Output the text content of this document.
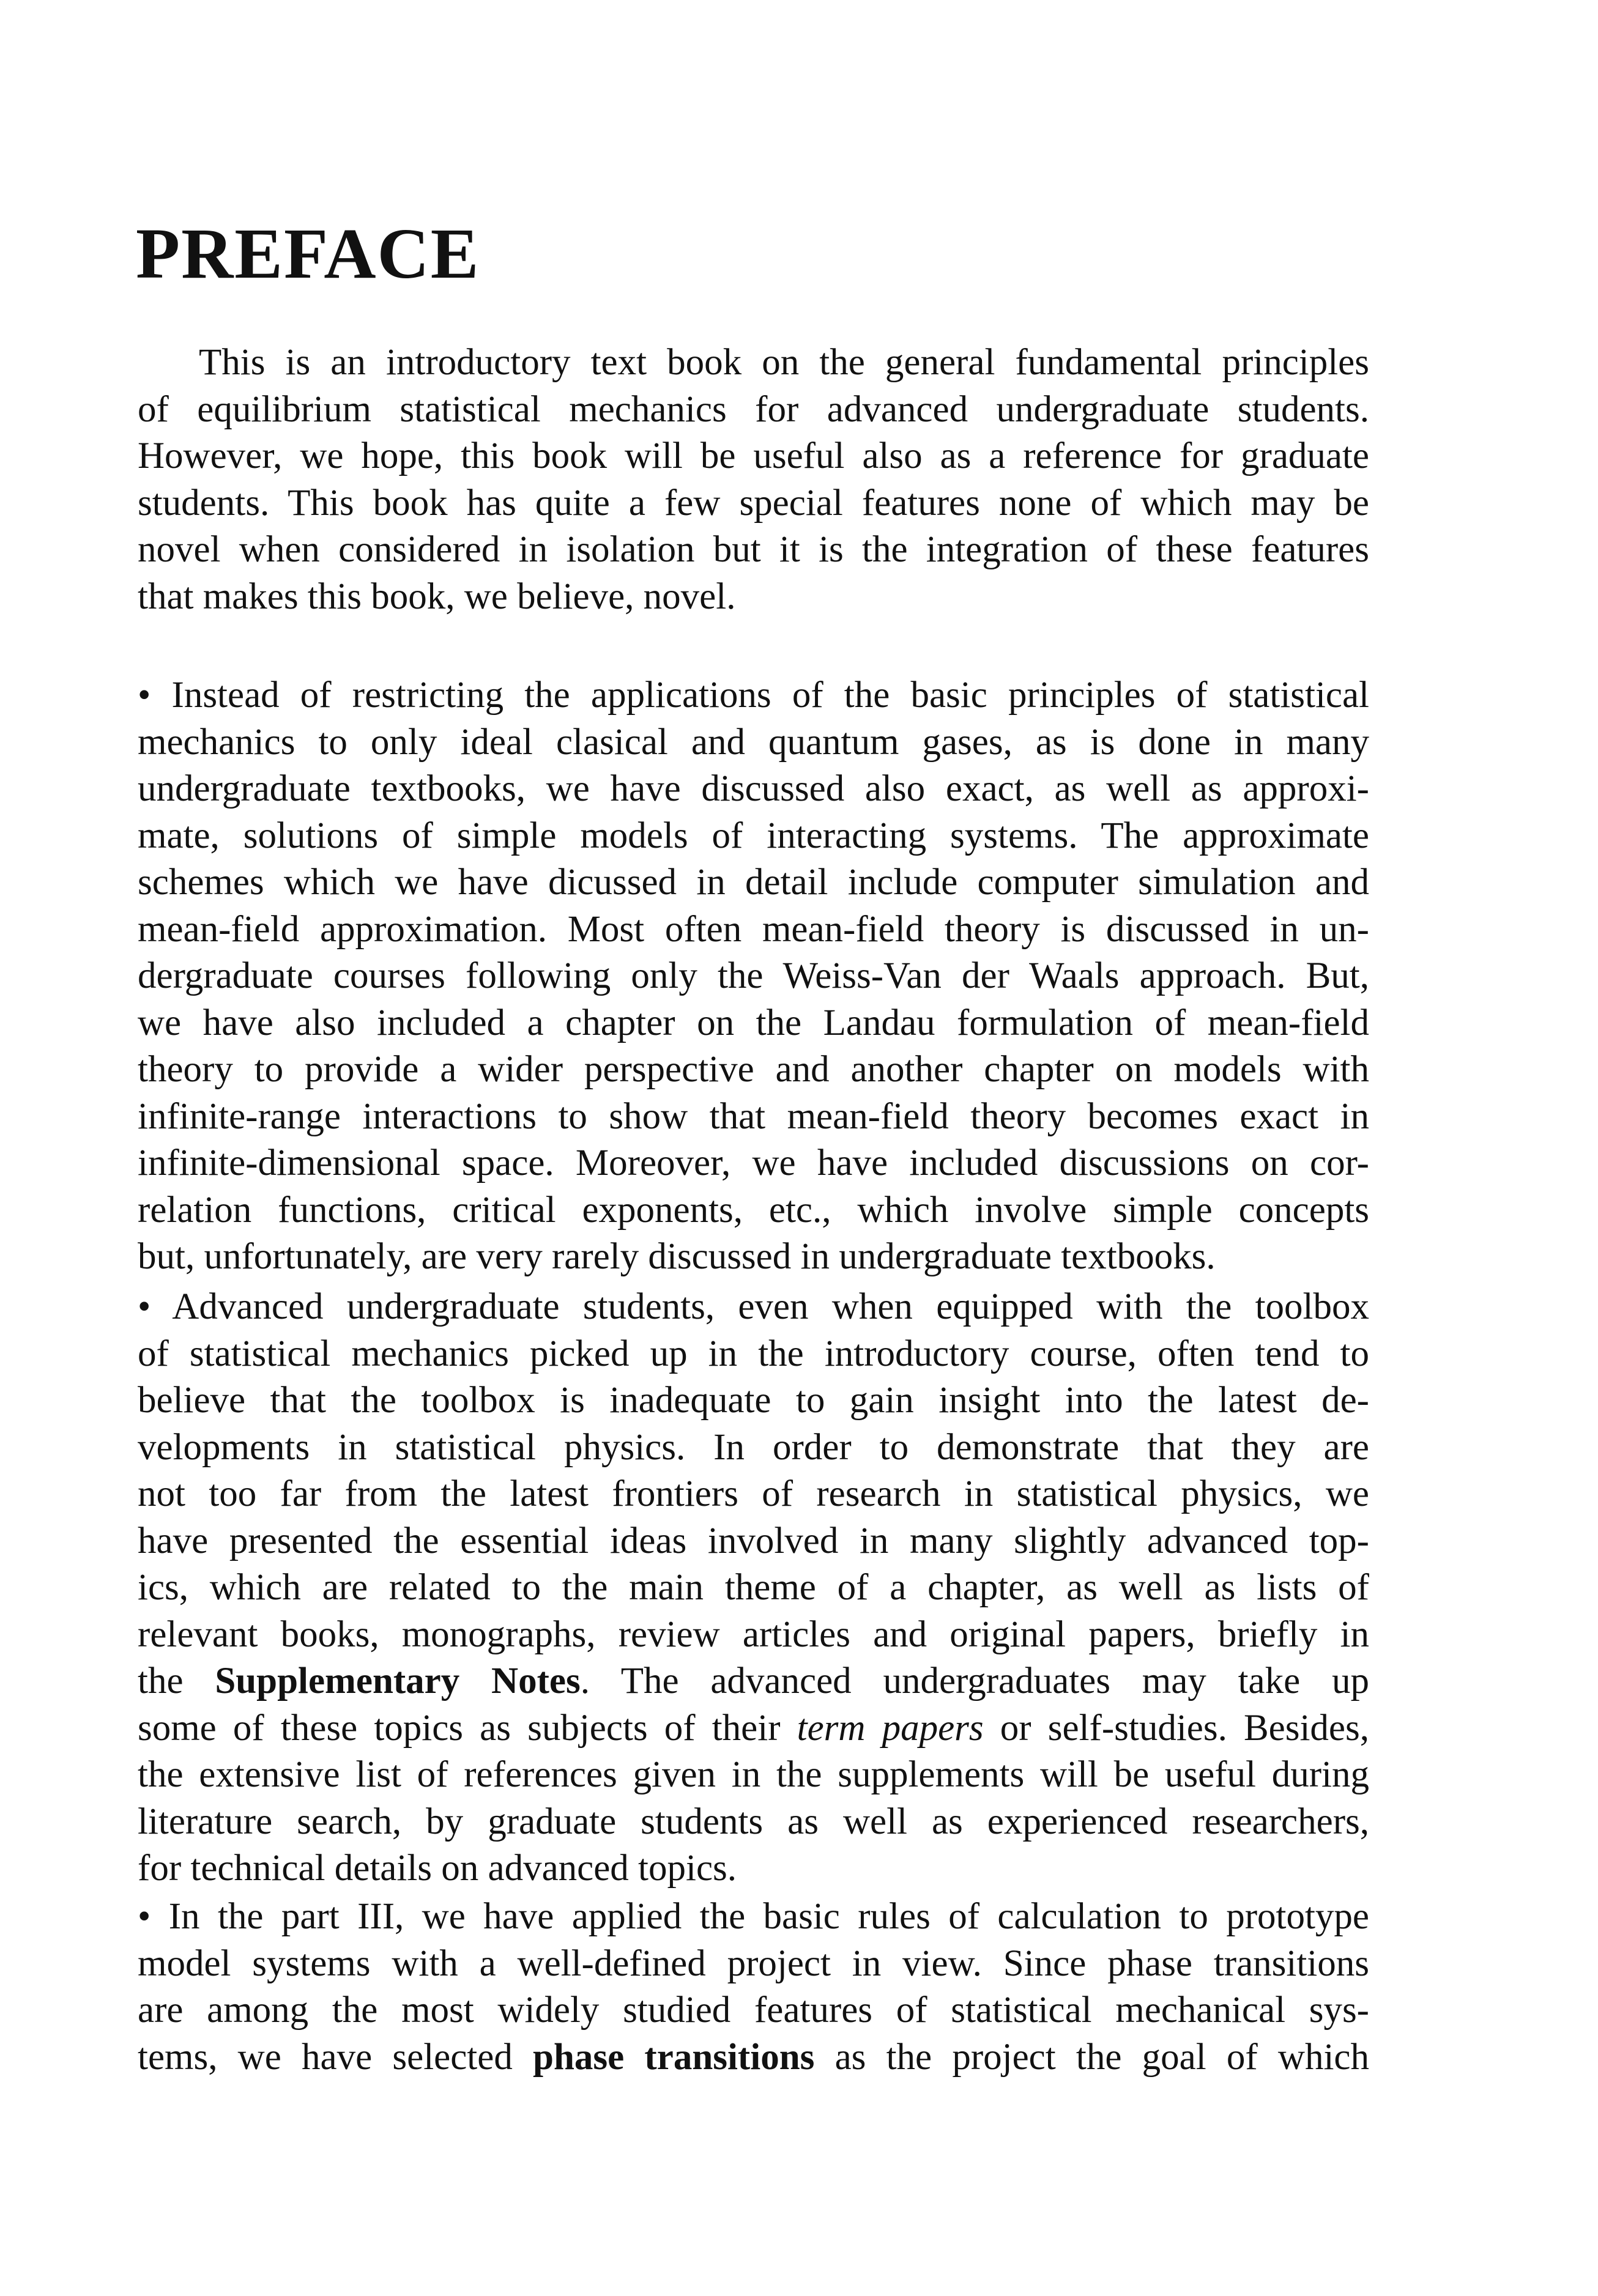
PREFACE
This is an introductory text book on the general fundamental principles
of equilibrium statistical mechanics for advanced undergraduate students.
However, we hope, this book will be useful also as a reference for graduate
students. This book has quite a few special features none of which may be
novel when considered in isolation but it is the integration of these features
that makes this book, we believe, novel.
• Instead of restricting the applications of the basic principles of statistical
mechanics to only ideal clasical and quantum gases, as is done in many
undergraduate textbooks, we have discussed also exact, as well as approxi-
mate, solutions of simple models of interacting systems. The approximate
schemes which we have dicussed in detail include computer simulation and
mean-field approximation. Most often mean-field theory is discussed in un-
dergraduate courses following only the Weiss-Van der Waals approach. But,
we have also included a chapter on the Landau formulation of mean-field
theory to provide a wider perspective and another chapter on models with
infinite-range interactions to show that mean-field theory becomes exact in
infinite-dimensional space. Moreover, we have included discussions on cor-
relation functions, critical exponents, etc., which involve simple concepts
but, unfortunately, are very rarely discussed in undergraduate textbooks.
• Advanced undergraduate students, even when equipped with the toolbox
of statistical mechanics picked up in the introductory course, often tend to
believe that the toolbox is inadequate to gain insight into the latest de-
velopments in statistical physics. In order to demonstrate that they are
not too far from the latest frontiers of research in statistical physics, we
have presented the essential ideas involved in many slightly advanced top-
ics, which are related to the main theme of a chapter, as well as lists of
relevant books, monographs, review articles and original papers, briefly in
the Supplementary Notes. The advanced undergraduates may take up
some of these topics as subjects of their term papers or self-studies. Besides,
the extensive list of references given in the supplements will be useful during
literature search, by graduate students as well as experienced researchers,
for technical details on advanced topics.
• In the part III, we have applied the basic rules of calculation to prototype
model systems with a well-defined project in view. Since phase transitions
are among the most widely studied features of statistical mechanical sys-
tems, we have selected phase transitions as the project the goal of which
